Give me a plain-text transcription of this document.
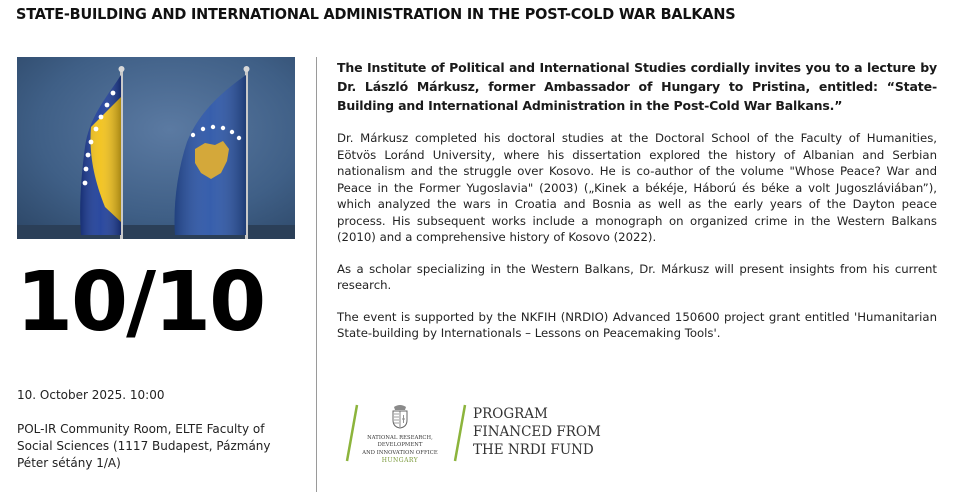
STATE-BUILDING AND INTERNATIONAL ADMINISTRATION IN THE POST-COLD WAR BALKANS
10/10
10. October 2025. 10:00
POL-IR Community Room, ELTE Faculty of Social Sciences (1117 Budapest, Pázmány Péter sétány 1/A)

The Institute of Political and International Studies cordially invites you to a lecture by Dr. László Márkusz, former Ambassador of Hungary to Pristina, entitled: “State-Building and International Administration in the Post-Cold War Balkans.”

Dr. Márkusz completed his doctoral studies at the Doctoral School of the Faculty of Humanities, Eötvös Loránd University, where his dissertation explored the history of Albanian and Serbian nationalism and the struggle over Kosovo. He is co-author of the volume "Whose Peace? War and Peace in the Former Yugoslavia" (2003) („Kinek a békéje, Háború és béke a volt Jugoszláviában”), which analyzed the wars in Croatia and Bosnia as well as the early years of the Dayton peace process. His subsequent works include a monograph on organized crime in the Western Balkans (2010) and a comprehensive history of Kosovo (2022).

As a scholar specializing in the Western Balkans, Dr. Márkusz will present insights from his current research.

The event is supported by the NKFIH (NRDIO) Advanced 150600 project grant entitled 'Humanitarian State-building by Internationals – Lessons on Peacemaking Tools'.

NATIONAL RESEARCH, DEVELOPMENT
AND INNOVATION OFFICE
HUNGARY
PROGRAM
FINANCED FROM
THE NRDI FUND
